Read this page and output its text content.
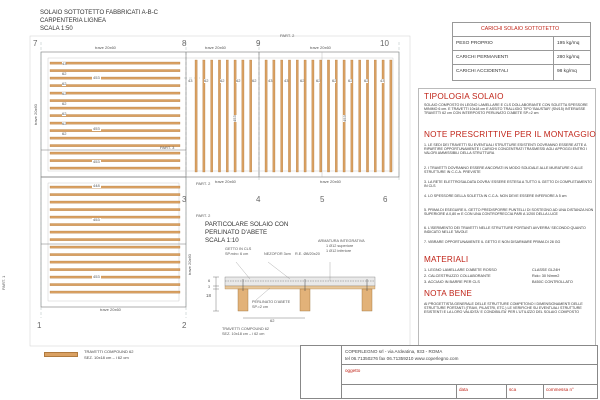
SOLAIO SOTTOTETTO FABBRICATI A-B-C
CARPENTERIA LIGNEA
SCALA 1:50
7	8	9	10
1	2
3	4	5	6
PART. 2
PART. 3
PART. 2
PART. 2
PART. 1
trave 20x60	trave 20x60	trave 20x60
trave 20x60	trave 20x60
trave 20x60
trave 20x60
trave 20x60
453
453
453
448
453
453
453	453
43	62	62	62	62	43	43	62	62	62	62	62	43
43
62
62
62
62
62
62
62
TRAVETTI COMPOUND 62
SEZ. 10x18 cm – i 62 cm
PARTICOLARE SOLAIO CON
PERLINATO D'ABETE
SCALA 1:10
GETTO IN CLS
SP.min= 6 cm	NEZOFOR 3cm R.E. Ø8/20x20
ARMATURA INTEGRATIVA
1 Ø12 superiore
1 Ø12 inferiore
PERLINATO D'ABETE
SP.=2 cm
TRAVETTI COMPOUND 62
SEZ. 10x18 cm – i 62 cm
62
18
6
3
CARICHI SOLAIO SOTTOTETTO
PESO PROPRIO	195 kg/mq
CARICHI PERMANENTI	280 kg/mq
CARICHI ACCIDENTALI	98 kg/mq
TIPOLOGIA SOLAIO
SOLAIO COMPOSTO IN LEGNO LAMELLARE E CLS DOLLABORANTE CON SOLETTA SPESSORE MINIMO 6 cm. E TRAVETTI 10x18 cm E ASSITO TRALLIGIO TIPO 'BAUSTAR' (SN/15) INTERASSE TRAVETTI 62 cm CON INTERPOSTO PERLINATO D'ABETE SP.=2 cm
NOTE PRESCRITTIVE PER IL MONTAGGIO
1. LE SEDI DEI TRAVETTI SU EVENTUALI STRUTTURE ESISTENTI DOVRANNO ESSERE ATTE A RIPARTIRE OPPORTUNAMENTE I CARICHI CONCENTRATI TRASMESSI AGLI APPOGGI ENTRO I VALORI AMMISSIBILI DELLA STRUTTURA
2. I TRAVETTI DOVRANNO ESSERE ANCORATI IN MODO SOLIDALE ALLE MURATURE O ALLE STRUTTURE IN C.C.A. PREVISTE
3. LA RETE ELETTROSALDATA DOVRA' ESSERE ESTESA A TUTTO IL GETTO DI COMPLETAMENTO IN CLS
4. LO SPESSORE DELLA SOLETTA IN C.C.A. NON DEVE ESSERE INFERIORE A 5 cm
5. PRIMA DI ESEGUIRE IL GETTO PREDISPORRE PUNTELLI DI SOSTEGNO AD UNA DISTANZA NON SUPERIORE A 0,80 m E CON UNA CONTROFRECCIA PARI A 1/200 DELLA LUCE
6. L'ISERIMENTO DEI TRAVETTI NELLE STRUTTURE PORTANTI AVVERRA' SECONDO QUANTO INDICATO NELLE TAVOLE
7. VIBRARE OPPORTUNAMENTE IL GETTO E NON DISARMARE PRIMA DI 28 GG
MATERIALI
1. LEGNO LAMELLARE D'ABETE ROSSO	CLASSE GL24H
2. CALCESTRUZZO COLLABORANTE	Rck= 30 N/mm2
3. ACCIAIO IN BARRE PER CLS	B450C CONTROLLATO
NOTA BENE
AI PROGETTISTA GENERALE DELLE STRUTTURE COMPETONO I DIMENSIONAMENTI DELLE STRUTTURE PORTANTI (TRAVI, PILASTRI, ETC.) LE VERIFICHE SU EVENTUALI STRUTTURE ESISTENTI E LA LORO VALIDITA' E CONDIBILITA' PER L'UTILIZZO DEL SOLAIO COMPOSTO
COPERLEGNO srl - via Ardeatina, 933 - ROMA
tel 06.71350276 fax 06.71359210 www.coperlegno.com
oggetto
data	sca	commessa n°
